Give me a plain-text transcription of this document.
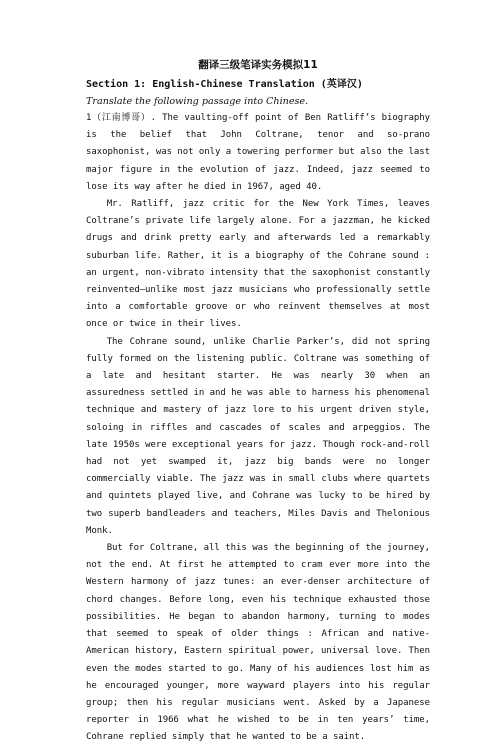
翻译三级笔译实务模拟11

Section 1: English-Chinese Translation (英译汉)

Translate the following passage into Chinese.

1（江南博哥）. The vaulting-off point of Ben Ratliff’s biography is the belief that John Coltrane, tenor and so-prano saxophonist, was not only a towering performer but also the last major figure in the evolution of jazz. Indeed, jazz seemed to lose its way after he died in 1967, aged 40.

Mr. Ratliff, jazz critic for the New York Times, leaves Coltrane’s private life largely alone. For a jazzman, he kicked drugs and drink pretty early and afterwards led a remarkably suburban life. Rather, it is a biography of the Cohrane sound : an urgent, non-vibrato intensity that the saxophonist constantly reinvented—unlike most jazz musicians who professionally settle into a comfortable groove or who reinvent themselves at most once or twice in their lives.

The Cohrane sound, unlike Charlie Parker’s, did not spring fully formed on the listening public. Coltrane was something of a late and hesitant starter. He was nearly 30 when an assuredness settled in and he was able to harness his phenomenal technique and mastery of jazz lore to his urgent driven style, soloing in riffles and cascades of scales and arpeggios. The late 1950s were exceptional years for jazz. Though rock-and-roll had not yet swamped it, jazz big bands were no longer commercially viable. The jazz was in small clubs where quartets and quintets played live, and Cohrane was lucky to be hired by two superb bandleaders and teachers, Miles Davis and Thelonious Monk.

But for Coltrane, all this was the beginning of the journey, not the end. At first he attempted to cram ever more into the Western harmony of jazz tunes: an ever-denser architecture of chord changes. Before long, even his technique exhausted those possibilities. He began to abandon harmony, turning to modes that seemed to speak of older things : African and native-American history, Eastern spiritual power, universal love. Then even the modes started to go. Many of his audiences lost him as he encouraged younger, more wayward players into his regular group; then his regular musicians went. Asked by a Japanese reporter in 1966 what he wished to be in ten years’ time, Cohrane replied simply that he wanted to be a saint.
